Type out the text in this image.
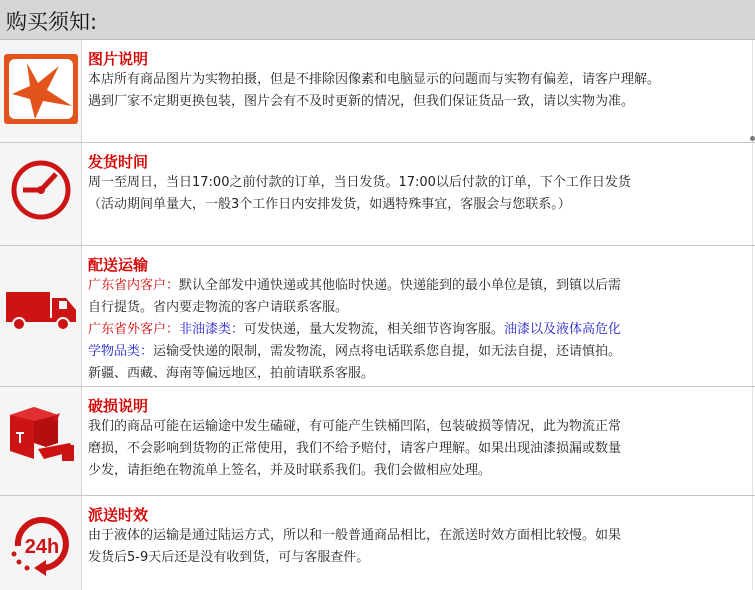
购买须知:
图片说明
本店所有商品图片为实物拍摄，但是不排除因像素和电脑显示的问题而与实物有偏差，请客户理解。
遇到厂家不定期更换包装，图片会有不及时更新的情况，但我们保证货品一致，请以实物为准。
发货时间
周一至周日，当日17:00之前付款的订单，当日发货。17:00以后付款的订单，下个工作日发货
（活动期间单量大，一般3个工作日内安排发货，如遇特殊事宜，客服会与您联系。）
配送运输
广东省内客户：默认全部发中通快递或其他临时快递。快递能到的最小单位是镇，到镇以后需
自行提货。省内要走物流的客户请联系客服。
广东省外客户：非油漆类：可发快递，量大发物流，相关细节咨询客服。油漆以及液体高危化
学物品类：运输受快递的限制，需发物流，网点将电话联系您自提，如无法自提，还请慎拍。
新疆、西藏、海南等偏远地区，拍前请联系客服。
破损说明
我们的商品可能在运输途中发生磕碰，有可能产生铁桶凹陷，包装破损等情况，此为物流正常
磨损，不会影响到货物的正常使用，我们不给予赔付，请客户理解。如果出现油漆损漏或数量
少发，请拒绝在物流单上签名，并及时联系我们。我们会做相应处理。
24h
派送时效
由于液体的运输是通过陆运方式，所以和一般普通商品相比，在派送时效方面相比较慢。如果
发货后5-9天后还是没有收到货，可与客服查件。
